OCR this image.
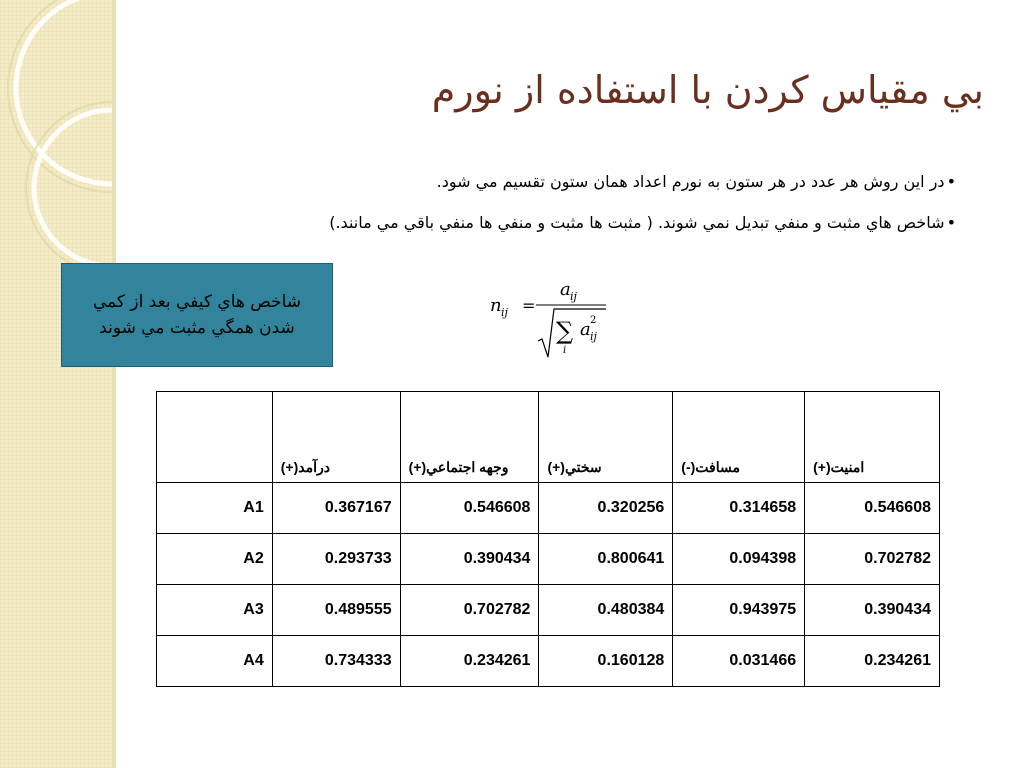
بي مقياس كردن با استفاده از نورم
•در اين روش هر عدد در هر ستون به نورم اعداد همان ستون تقسيم مي شود.
•شاخص هاي مثبت و منفي تبديل نمي شوند. ( مثبت ها مثبت و منفي ها منفي باقي مي مانند.)
شاخص هاي كيفي بعد از كمي شدن همگي مثبت مي شوند
n ij =
a ij
∑
i
a 2
ij
	درآمد(+)	وجهه اجتماعي(+)	سختي(+)	مسافت(-)	امنيت(+)
A1	0.367167	0.546608	0.320256	0.314658	0.546608
A2	0.293733	0.390434	0.800641	0.094398	0.702782
A3	0.489555	0.702782	0.480384	0.943975	0.390434
A4	0.734333	0.234261	0.160128	0.031466	0.234261
